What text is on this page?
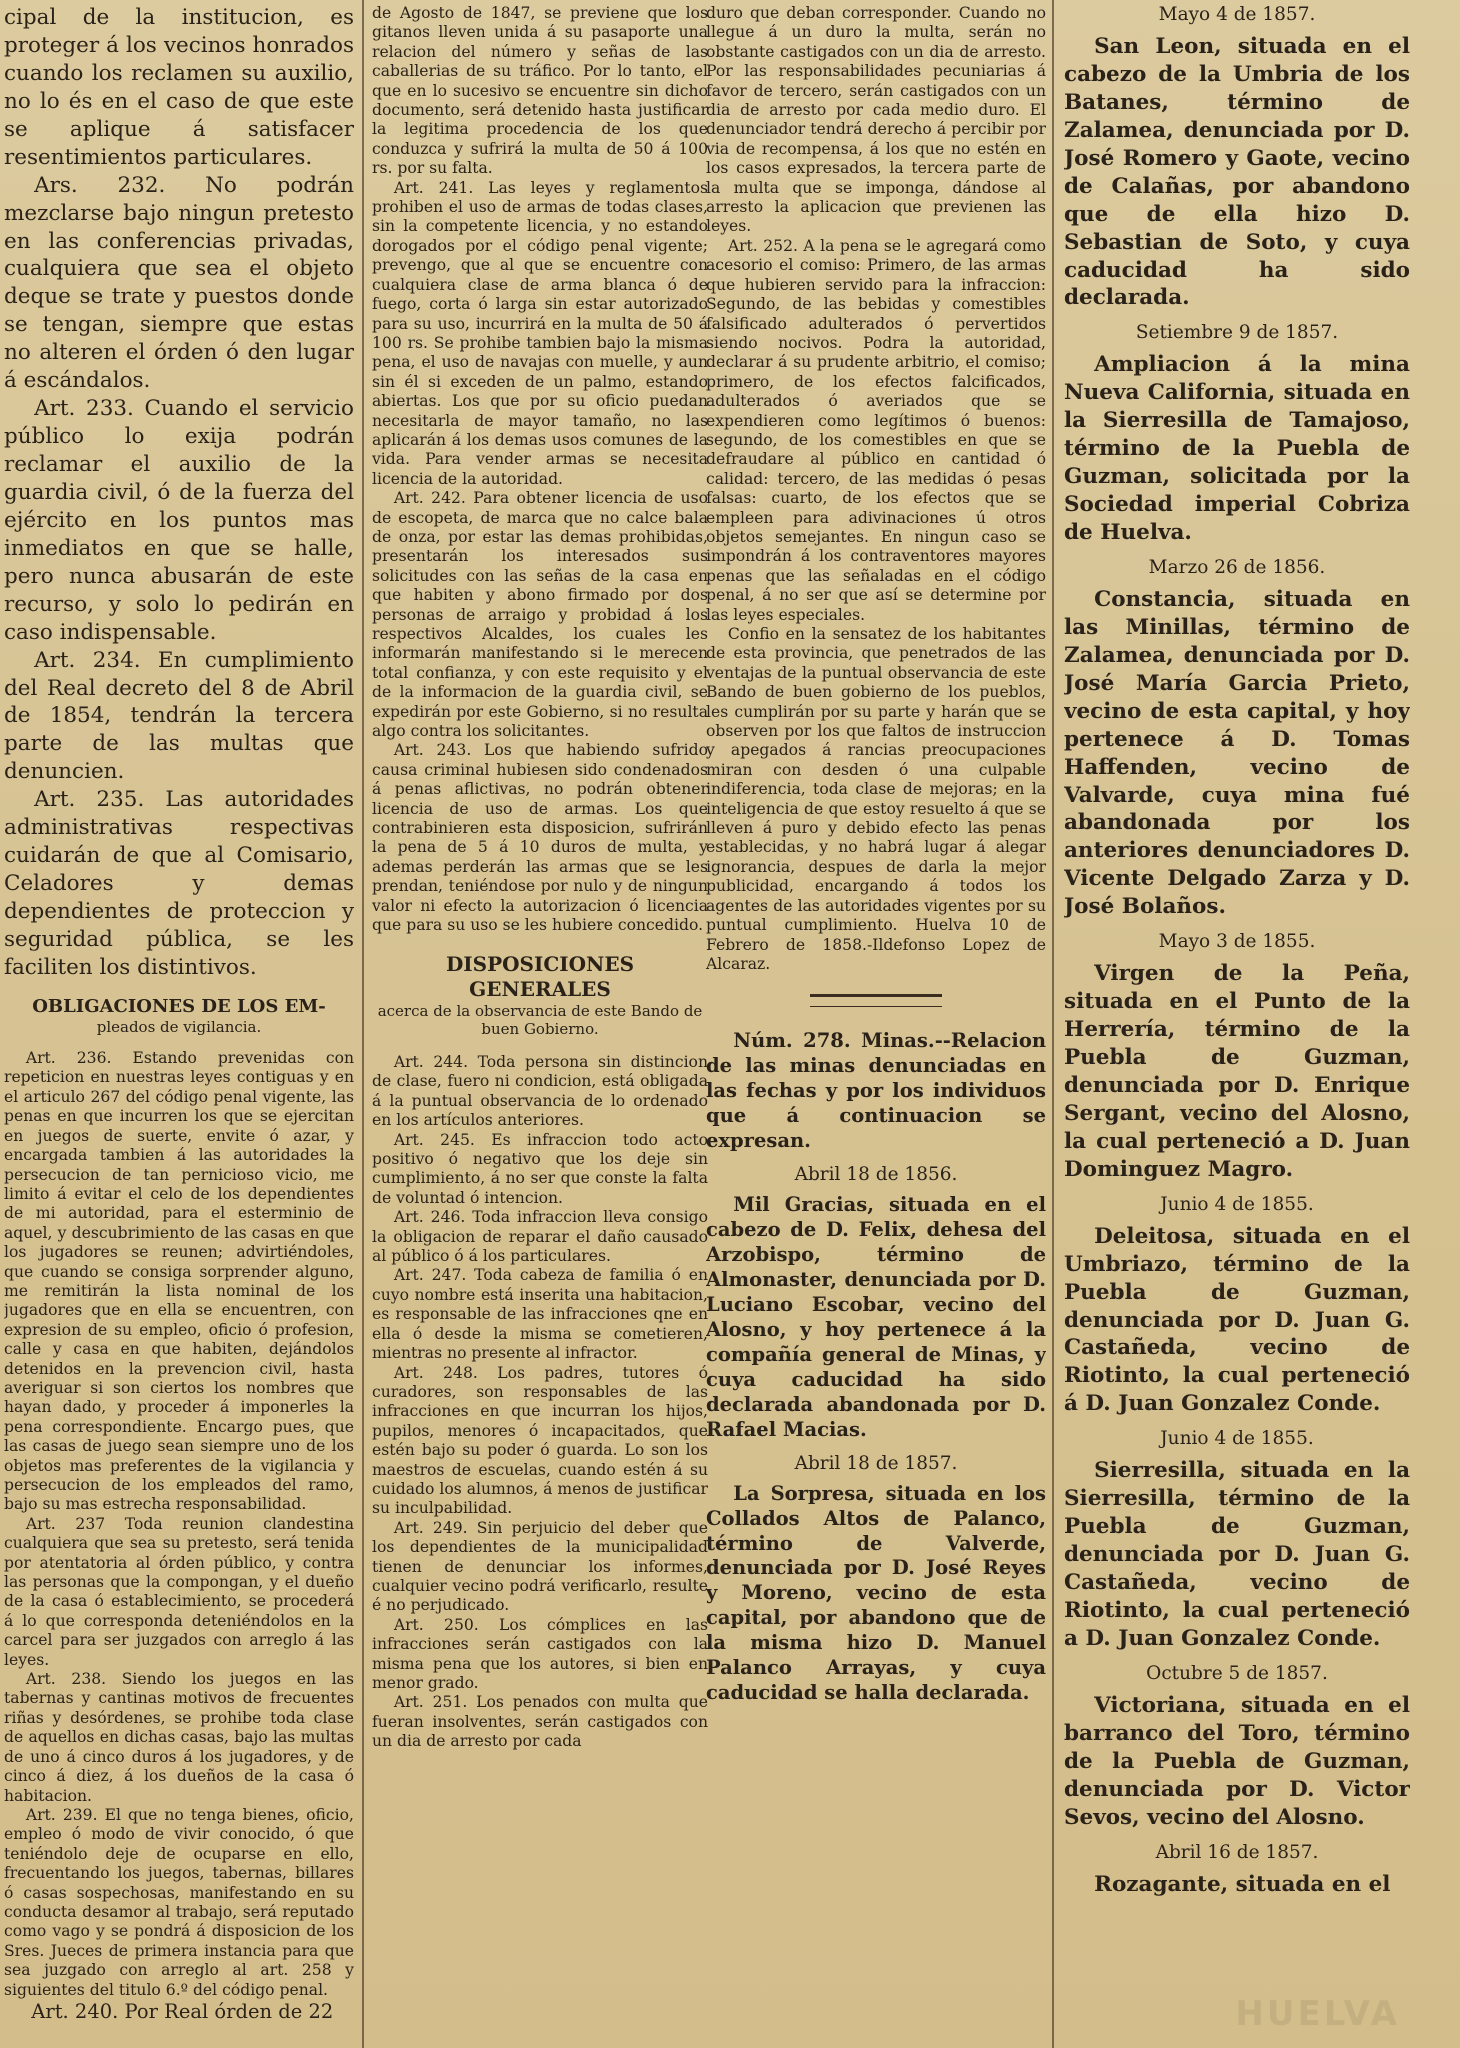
cipal de la institucion, es proteger á los vecinos honrados cuando los reclamen su auxilio, no lo és en el caso de que este se aplique á satisfacer resentimientos particulares.

Ars. 232. No podrán mezclarse bajo ningun pretesto en las conferencias privadas, cualquiera que sea el objeto deque se trate y puestos donde se tengan, siempre que estas no alteren el órden ó den lugar á escándalos.

Art. 233. Cuando el servicio público lo exija podrán reclamar el auxilio de la guardia civil, ó de la fuerza del ejército en los puntos mas inmediatos en que se halle, pero nunca abusarán de este recurso, y solo lo pedirán en caso indispensable.

Art. 234. En cumplimiento del Real decreto del 8 de Abril de 1854, tendrán la tercera parte de las multas que denuncien.

Art. 235. Las autoridades administrativas respectivas cuidarán de que al Comisario, Celadores y demas dependientes de proteccion y seguridad pública, se les faciliten los distintivos.

OBLIGACIONES DE LOS EM-
pleados de vigilancia.

Art. 236. Estando prevenidas con repeticion en nuestras leyes contiguas y en el articulo 267 del código penal vigente, las penas en que incurren los que se ejercitan en juegos de suerte, envite ó azar, y encargada tambien á las autoridades la persecucion de tan pernicioso vicio, me limito á evitar el celo de los dependientes de mi autoridad, para el esterminio de aquel, y descubrimiento de las casas en que los jugadores se reunen; advirtiéndoles, que cuando se consiga sorprender alguno, me remitirán la lista nominal de los jugadores que en ella se encuentren, con expresion de su empleo, oficio ó profesion, calle y casa en que habiten, dejándolos detenidos en la prevencion civil, hasta averiguar si son ciertos los nombres que hayan dado, y proceder á imponerles la pena correspondiente. Encargo pues, que las casas de juego sean siempre uno de los objetos mas preferentes de la vigilancia y persecucion de los empleados del ramo, bajo su mas estrecha responsabilidad.

Art. 237 Toda reunion clandestina cualquiera que sea su pretesto, será tenida por atentatoria al órden público, y contra las personas que la compongan, y el dueño de la casa ó establecimiento, se procederá á lo que corresponda deteniéndolos en la carcel para ser juzgados con arreglo á las leyes.

Art. 238. Siendo los juegos en las tabernas y cantinas motivos de frecuentes riñas y desórdenes, se prohibe toda clase de aquellos en dichas casas, bajo las multas de uno á cinco duros á los jugadores, y de cinco á diez, á los dueños de la casa ó habitacion.

Art. 239. El que no tenga bienes, oficio, empleo ó modo de vivir conocido, ó que teniéndolo deje de ocuparse en ello, frecuentando los juegos, tabernas, billares ó casas sospechosas, manifestando en su conducta desamor al trabajo, será reputado como vago y se pondrá á disposicion de los Sres. Jueces de primera instancia para que sea juzgado con arreglo al art. 258 y siguientes del titulo 6.º del código penal.

Art. 240. Por Real órden de 22

de Agosto de 1847, se previene que los gitanos lleven unida á su pasaporte una relacion del número y señas de las caballerias de su tráfico. Por lo tanto, el que en lo sucesivo se encuentre sin dicho documento, será detenido hasta justificar la legitima procedencia de los que conduzca y sufrirá la multa de 50 á 100 rs. por su falta.

Art. 241. Las leyes y reglamentos prohiben el uso de armas de todas clases, sin la competente licencia, y no estando dorogados por el código penal vigente; prevengo, que al que se encuentre con cualquiera clase de arma blanca ó de fuego, corta ó larga sin estar autorizado para su uso, incurrirá en la multa de 50 á 100 rs. Se prohibe tambien bajo la misma pena, el uso de navajas con muelle, y aun sin él si exceden de un palmo, estando abiertas. Los que por su oficio puedan necesitarla de mayor tamaño, no las aplicarán á los demas usos comunes de la vida. Para vender armas se necesita licencia de la autoridad.

Art. 242. Para obtener licencia de uso de escopeta, de marca que no calce bala de onza, por estar las demas prohibidas, presentarán los interesados sus solicitudes con las señas de la casa en que habiten y abono firmado por dos personas de arraigo y probidad á los respectivos Alcaldes, los cuales les informarán manifestando si le merecen total confianza, y con este requisito y el de la informacion de la guardia civil, se expedirán por este Gobierno, si no resulta algo contra los solicitantes.

Art. 243. Los que habiendo sufrido causa criminal hubiesen sido condenados á penas aflictivas, no podrán obtener licencia de uso de armas. Los que contrabinieren esta disposicion, sufrirán la pena de 5 á 10 duros de multa, y ademas perderán las armas que se les prendan, teniéndose por nulo y de ningun valor ni efecto la autorizacion ó licencia que para su uso se les hubiere concedido.

DISPOSICIONES GENERALES
acerca de la observancia de este Bando de buen Gobierno.

Art. 244. Toda persona sin distincion de clase, fuero ni condicion, está obligada á la puntual observancia de lo ordenado en los artículos anteriores.

Art. 245. Es infraccion todo acto positivo ó negativo que los deje sin cumplimiento, á no ser que conste la falta de voluntad ó intencion.

Art. 246. Toda infraccion lleva consigo la obligacion de reparar el daño causado al público ó á los particulares.

Art. 247. Toda cabeza de familia ó en cuyo nombre está inserita una habitacion, es responsable de las infracciones qne en ella ó desde la misma se cometieren, mientras no presente al infractor.

Art. 248. Los padres, tutores ó curadores, son responsables de las infracciones en que incurran los hijos, pupilos, menores ó incapacitados, que estén bajo su poder ó guarda. Lo son los maestros de escuelas, cuando estén á su cuidado los alumnos, á menos de justificar su inculpabilidad.

Art. 249. Sin perjuicio del deber que los dependientes de la municipalidad tienen de denunciar los informes, cualquier vecino podrá verificarlo, resulte é no perjudicado.

Art. 250. Los cómplices en las infracciones serán castigados con la misma pena que los autores, si bien en menor grado.

Art. 251. Los penados con multa que fueran insolventes, serán castigados con un dia de arresto por cada

duro que deban corresponder. Cuando no llegue á un duro la multa, serán no obstante castigados con un dia de arresto. Por las responsabilidades pecuniarias á favor de tercero, serán castigados con un dia de arresto por cada medio duro. El denunciador tendrá derecho á percibir por via de recompensa, á los que no estén en los casos expresados, la tercera parte de la multa que se imponga, dándose al arresto la aplicacion que previenen las leyes.

Art. 252. A la pena se le agregará como acesorio el comiso: Primero, de las armas que hubieren servido para la infraccion: Segundo, de las bebidas y comestibles falsificado adulterados ó pervertidos siendo nocivos. Podra la autoridad, declarar á su prudente arbitrio, el comiso; primero, de los efectos falcificados, adulterados ó averiados que se expendieren como legítimos ó buenos: segundo, de los comestibles en que se defraudare al público en cantidad ó calidad: tercero, de las medidas ó pesas falsas: cuarto, de los efectos que se empleen para adivinaciones ú otros objetos semejantes. En ningun caso se impondrán á los contraventores mayores penas que las señaladas en el código penal, á no ser que así se determine por las leyes especiales.

Confio en la sensatez de los habitantes de esta provincia, que penetrados de las ventajas de la puntual observancia de este Bando de buen gobierno de los pueblos, les cumplirán por su parte y harán que se observen por los que faltos de instruccion y apegados á rancias preocupaciones miran con desden ó una culpable indiferencia, toda clase de mejoras; en la inteligencia de que estoy resuelto á que se lleven á puro y debido efecto las penas establecidas, y no habrá lugar á alegar ignorancia, despues de darla la mejor publicidad, encargando á todos los agentes de las autoridades vigentes por su puntual cumplimiento. Huelva 10 de Febrero de 1858.-Ildefonso Lopez de Alcaraz.

Núm. 278. Minas.--Relacion de las minas denunciadas en las fechas y por los individuos que á continuacion se expresan.

Abril 18 de 1856.

Mil Gracias, situada en el cabezo de D. Felix, dehesa del Arzobispo, término de Almonaster, denunciada por D. Luciano Escobar, vecino del Alosno, y hoy pertenece á la compañía general de Minas, y cuya caducidad ha sido declarada abandonada por D. Rafael Macias.

Abril 18 de 1857.

La Sorpresa, situada en los Collados Altos de Palanco, término de Valverde, denunciada por D. José Reyes y Moreno, vecino de esta capital, por abandono que de la misma hizo D. Manuel Palanco Arrayas, y cuya caducidad se halla declarada.

Mayo 4 de 1857.

San Leon, situada en el cabezo de la Umbria de los Batanes, término de Zalamea, denunciada por D. José Romero y Gaote, vecino de Calañas, por abandono que de ella hizo D. Sebastian de Soto, y cuya caducidad ha sido declarada.

Setiembre 9 de 1857.

Ampliacion á la mina Nueva California, situada en la Sierresilla de Tamajoso, término de la Puebla de Guzman, solicitada por la Sociedad imperial Cobriza de Huelva.

Marzo 26 de 1856.

Constancia, situada en las Minillas, término de Zalamea, denunciada por D. José María Garcia Prieto, vecino de esta capital, y hoy pertenece á D. Tomas Haffenden, vecino de Valvarde, cuya mina fué abandonada por los anteriores denunciadores D. Vicente Delgado Zarza y D. José Bolaños.

Mayo 3 de 1855.

Virgen de la Peña, situada en el Punto de la Herrería, término de la Puebla de Guzman, denunciada por D. Enrique Sergant, vecino del Alosno, la cual perteneció a D. Juan Dominguez Magro.

Junio 4 de 1855.

Deleitosa, situada en el Umbriazo, término de la Puebla de Guzman, denunciada por D. Juan G. Castañeda, vecino de Riotinto, la cual perteneció á D. Juan Gonzalez Conde.

Junio 4 de 1855.

Sierresilla, situada en la Sierresilla, término de la Puebla de Guzman, denunciada por D. Juan G. Castañeda, vecino de Riotinto, la cual perteneció a D. Juan Gonzalez Conde.

Octubre 5 de 1857.

Victoriana, situada en el barranco del Toro, término de la Puebla de Guzman, denunciada por D. Victor Sevos, vecino del Alosno.

Abril 16 de 1857.

Rozagante, situada en el

HUELVA
